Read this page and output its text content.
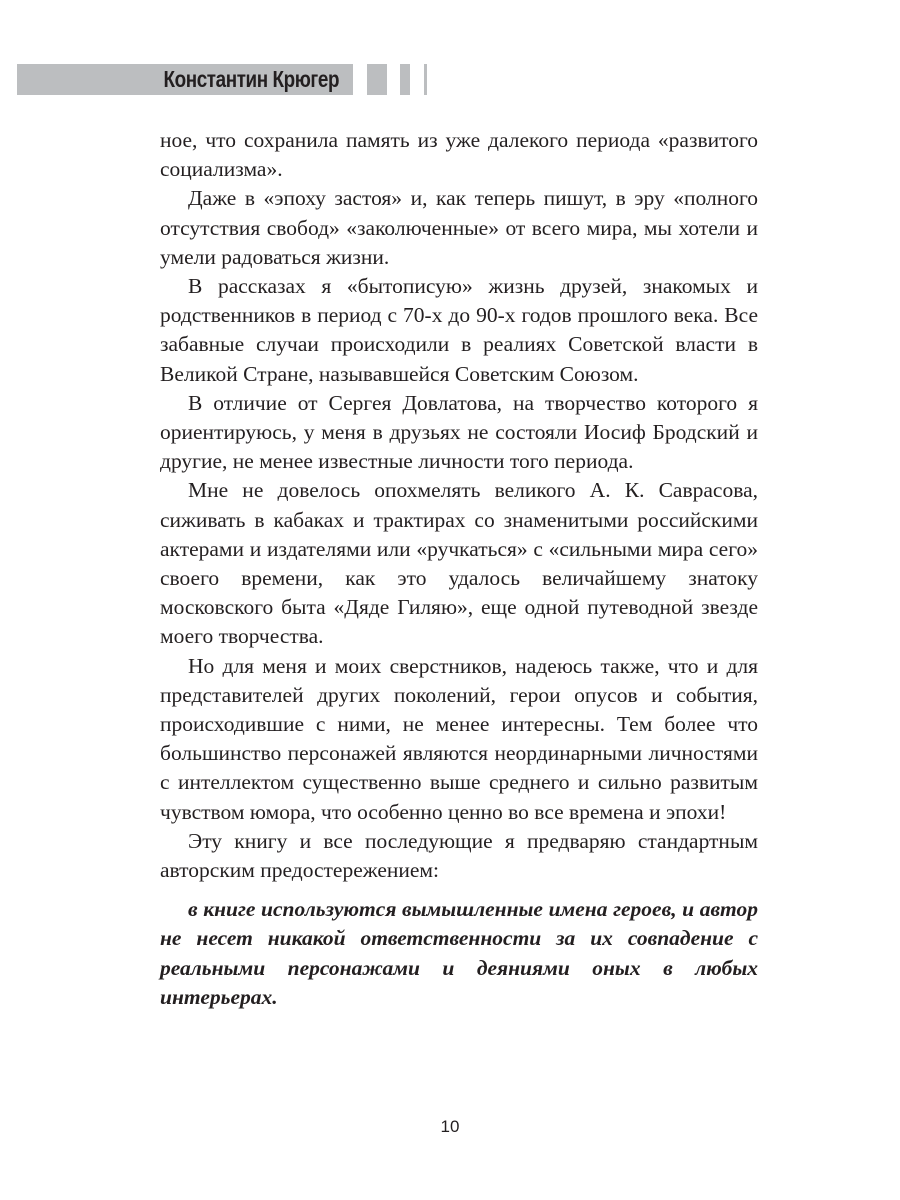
Константин Крюгер

ное, что сохранила память из уже далекого периода «развитого социализма».

Даже в «эпоху застоя» и, как теперь пишут, в эру «полного отсутствия свобод» «заколюченные» от всего мира, мы хотели и умели радоваться жизни.

В рассказах я «бытописую» жизнь друзей, знакомых и родственников в период с 70-х до 90-х годов прошлого века. Все забавные случаи происходили в реалиях Советской власти в Великой Стране, называвшейся Советским Союзом.

В отличие от Сергея Довлатова, на творчество которого я ориентируюсь, у меня в друзьях не состояли Иосиф Бродский и другие, не менее известные личности того периода.

Мне не довелось опохмелять великого А. К. Саврасова, сиживать в кабаках и трактирах со знаменитыми российскими актерами и издателями или «ручкаться» с «сильными мира сего» своего времени, как это удалось величайшему знатоку московского быта «Дяде Гиляю», еще одной путеводной звезде моего творчества.

Но для меня и моих сверстников, надеюсь также, что и для представителей других поколений, герои опусов и события, происходившие с ними, не менее интересны. Тем более что большинство персонажей являются неординарными личностями с интеллектом существенно выше среднего и сильно развитым чувством юмора, что особенно ценно во все времена и эпохи!

Эту книгу и все последующие я предваряю стандартным авторским предостережением:

в книге используются вымышленные имена героев, и автор не несет никакой ответственности за их совпадение с реальными персонажами и деяниями оных в любых интерьерах.

10
